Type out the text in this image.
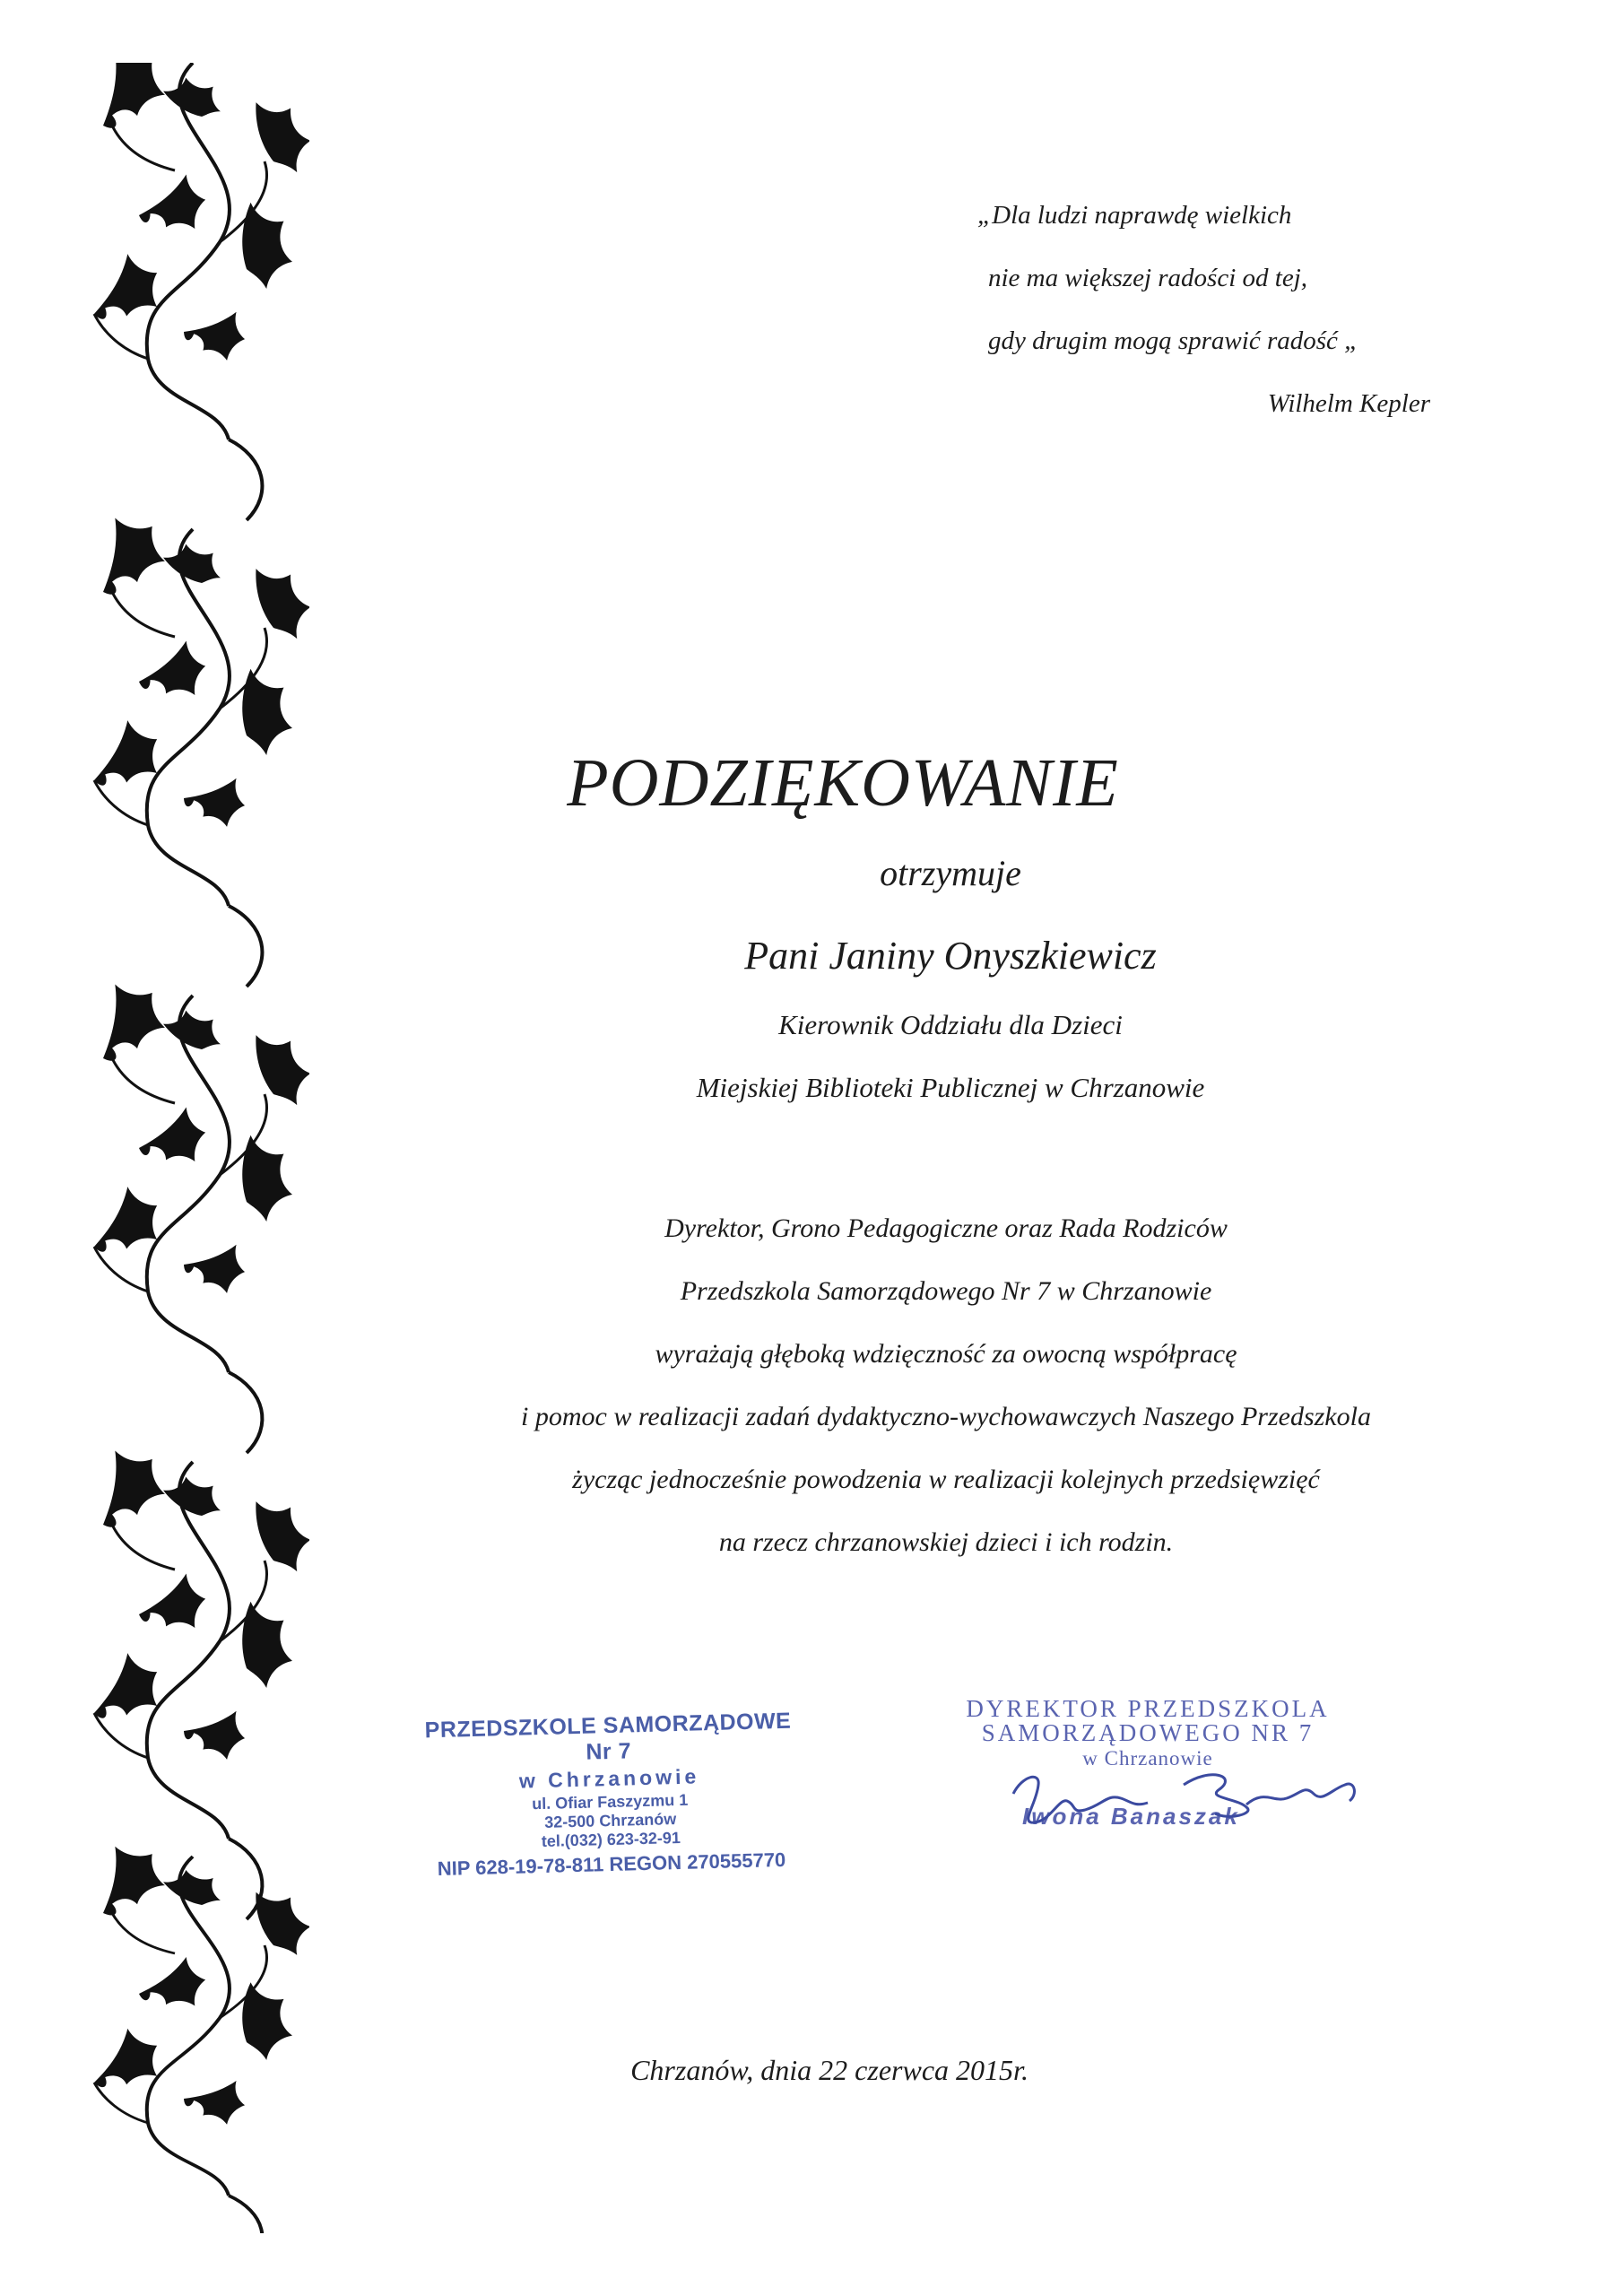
„Dla ludzi naprawdę wielkich
nie ma większej radości od tej,
gdy drugim mogą sprawić radość „
Wilhelm Kepler
PODZIĘKOWANIE
otrzymuje
Pani Janiny Onyszkiewicz
Kierownik Oddziału dla Dzieci
Miejskiej Biblioteki Publicznej w Chrzanowie
Dyrektor, Grono Pedagogiczne oraz Rada Rodziców
Przedszkola Samorządowego Nr 7 w Chrzanowie
wyrażają głęboką wdzięczność za owocną współpracę
i pomoc w realizacji zadań dydaktyczno-wychowawczych Naszego Przedszkola
życząc jednocześnie powodzenia w realizacji kolejnych przedsięwzięć
na rzecz chrzanowskiej dzieci i ich rodzin.
PRZEDSZKOLE SAMORZĄDOWE Nr 7
w Chrzanowie
ul. Ofiar Faszyzmu 1
32-500 Chrzanów
tel.(032) 623-32-91
NIP 628-19-78-811 REGON 270555770
DYREKTOR PRZEDSZKOLA
SAMORZĄDOWEGO NR 7
w Chrzanowie
Iwona Banaszak
Chrzanów, dnia 22 czerwca 2015r.
